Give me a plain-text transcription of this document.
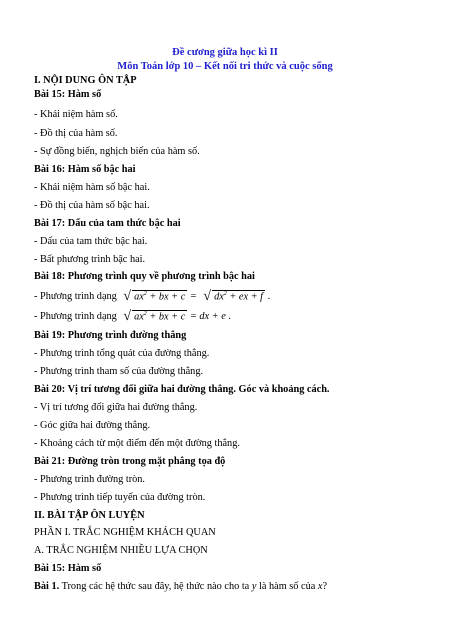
Đề cương giữa học kì II
Môn Toán lớp 10 – Kết nối tri thức và cuộc sống
I. NỘI DUNG ÔN TẬP
Bài 15: Hàm số
- Khái niệm hàm số.
- Đồ thị của hàm số.
- Sự đồng biến, nghịch biến của hàm số.
Bài 16: Hàm số bậc hai
- Khái niệm hàm số bậc hai.
- Đồ thị của hàm số bậc hai.
Bài 17: Dấu của tam thức bậc hai
- Dấu của tam thức bậc hai.
- Bất phương trình bậc hai.
Bài 18: Phương trình quy về phương trình bậc hai
- Phương trình dạng √ $ax^2$ + bx + c = √ $dx^2$ + ex + f .
- Phương trình dạng √ $ax^2$ + bx + c = dx + e .
Bài 19: Phương trình đường thẳng
- Phương trình tổng quát của đường thẳng.
- Phương trình tham số của đường thẳng.
Bài 20: Vị trí tương đối giữa hai đường thẳng. Góc và khoảng cách.
- Vị trí tương đối giữa hai đường thẳng.
- Góc giữa hai đường thẳng.
- Khoảng cách từ một điểm đến một đường thẳng.
Bài 21: Đường tròn trong mặt phẳng tọa độ
- Phương trình đường tròn.
- Phương trình tiếp tuyến của đường tròn.
II. BÀI TẬP ÔN LUYỆN
PHẦN I. TRẮC NGHIỆM KHÁCH QUAN
A. TRẮC NGHIỆM NHIỀU LỰA CHỌN
Bài 15: Hàm số
Bài 1. Trong các hệ thức sau đây, hệ thức nào cho ta y là hàm số của x?
